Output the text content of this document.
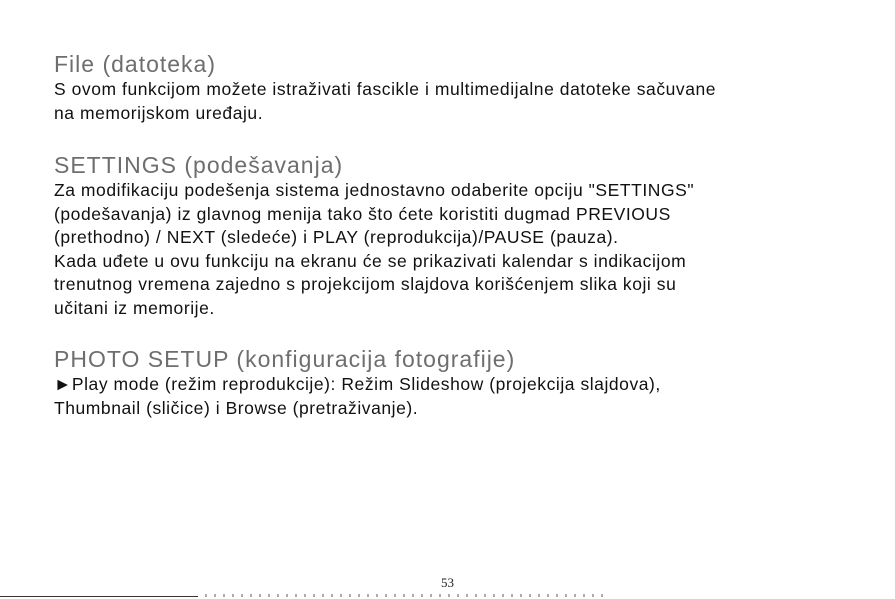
File (datoteka)

S ovom funkcijom možete istraživati fascikle i multimedijalne datoteke sačuvane

na memorijskom uređaju.

SETTINGS (podešavanja)

Za modifikaciju podešenja sistema jednostavno odaberite opciju "SETTINGS"

(podešavanja) iz glavnog menija tako što ćete koristiti dugmad PREVIOUS

(prethodno) / NEXT (sledeće) i PLAY (reprodukcija)/PAUSE (pauza).

Kada uđete u ovu funkciju na ekranu će se prikazivati kalendar s indikacijom

trenutnog vremena zajedno s projekcijom slajdova korišćenjem slika koji su

učitani iz memorije.

PHOTO SETUP (konfiguracija fotografije)

►Play mode (režim reprodukcije): Režim Slideshow (projekcija slajdova),

Thumbnail (sličice) i Browse (pretraživanje).

53
